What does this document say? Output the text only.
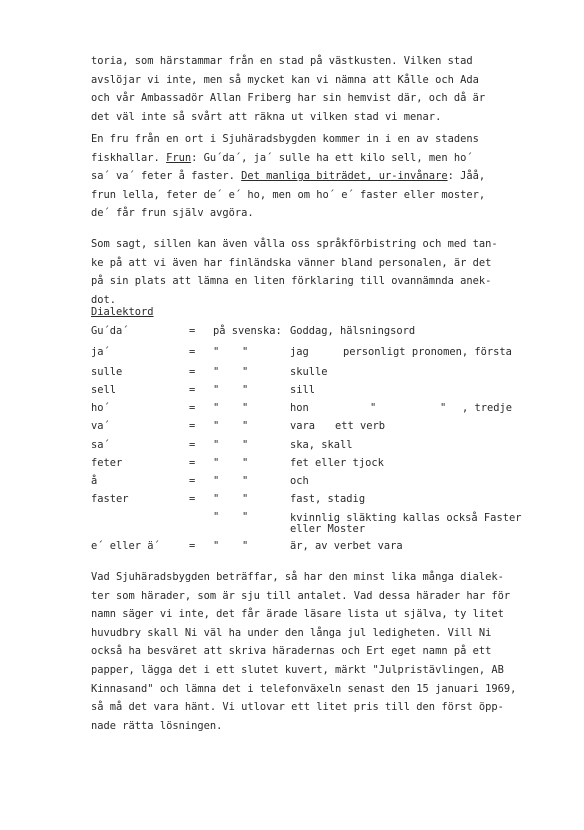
toria, som härstammar från en stad på västkusten. Vilken stad
avslöjar vi inte, men så mycket kan vi nämna att Kålle och Ada
och vår Ambassadör Allan Friberg har sin hemvist där, och då är
det väl inte så svårt att räkna ut vilken stad vi menar.
En fru från en ort i Sjuhäradsbygden kommer in i en av stadens
fiskhallar. Frun: Gu´da´, ja´ sulle ha ett kilo sell, men ho´
sa´ va´ feter å faster. Det manliga biträdet, ur-invånare: Jåå,
frun lella, feter de´ e´ ho, men om ho´ e´ faster eller moster,
de´ får frun själv avgöra.
Som sagt, sillen kan även vålla oss språkförbistring och med tan-
ke på att vi även har finländska vänner bland personalen, är det
på sin plats att lämna en liten förklaring till ovannämnda anek-
dot.
Dialektord
Gu´da´	= på svenska: Goddag, hälsningsord
ja´	= " "	jag	personligt pronomen, första
sulle	= " "	skulle
sell	= " "	sill
ho´	= " "	hon	"	" , tredje
va´	= " "	vara ett verb
sa´	= " "	ska, skall
feter	= " "	fet eller tjock
å	= " "	och
faster	= " "	fast, stadig
" "	kvinnlig släkting kallas också Faster
eller Moster
e´ eller ä´	= " "	är, av verbet vara
Vad Sjuhäradsbygden beträffar, så har den minst lika många dialek-
ter som härader, som är sju till antalet. Vad dessa härader har för
namn säger vi inte, det får ärade läsare lista ut själva, ty litet
huvudbry skall Ni väl ha under den långa jul ledigheten. Vill Ni
också ha besväret att skriva häradernas och Ert eget namn på ett
papper, lägga det i ett slutet kuvert, märkt "Julpristävlingen, AB
Kinnasand" och lämna det i telefonväxeln senast den 15 januari 1969,
så må det vara hänt. Vi utlovar ett litet pris till den först öpp-
nade rätta lösningen.
